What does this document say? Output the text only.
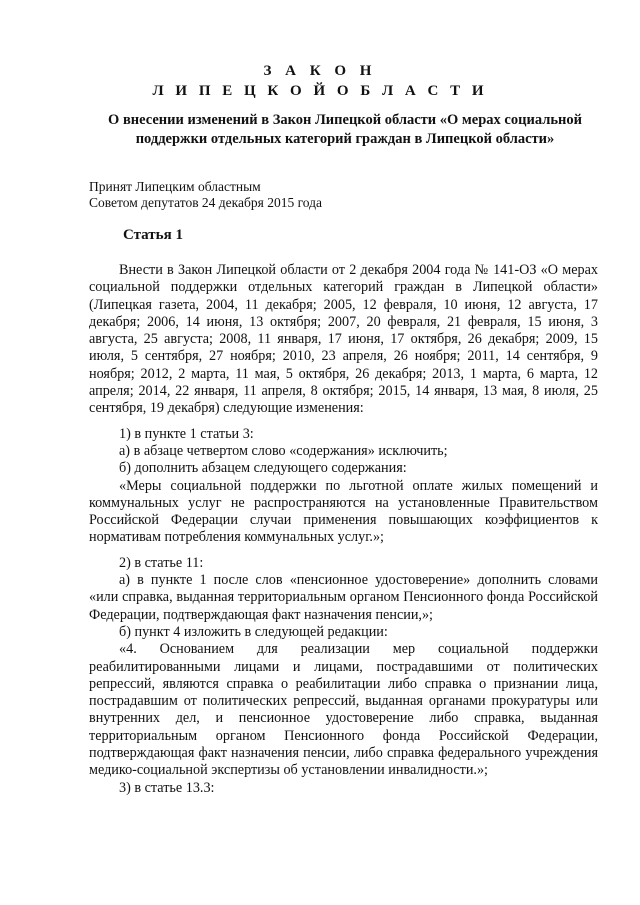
З А К О Н
Л И П Е Ц К О Й О Б Л А С Т И
О внесении изменений в Закон Липецкой области «О мерах социальной поддержки отдельных категорий граждан в Липецкой области»
Принят Липецким областным
Советом депутатов 24 декабря 2015 года
Статья 1

Внести в Закон Липецкой области от 2 декабря 2004 года № 141-ОЗ «О мерах социальной поддержки отдельных категорий граждан в Липецкой области» (Липецкая газета, 2004, 11 декабря; 2005, 12 февраля, 10 июня, 12 августа, 17 декабря; 2006, 14 июня, 13 октября; 2007, 20 февраля, 21 февраля, 15 июня, 3 августа, 25 августа; 2008, 11 января, 17 июня, 17 октября, 26 декабря; 2009, 15 июля, 5 сентября, 27 ноября; 2010, 23 апреля, 26 ноября; 2011, 14 сентября, 9 ноября; 2012, 2 марта, 11 мая, 5 октября, 26 декабря; 2013, 1 марта, 6 марта, 12 апреля; 2014, 22 января, 11 апреля, 8 октября; 2015, 14 января, 13 мая, 8 июля, 25 сентября, 19 декабря) следующие изменения:

1) в пункте 1 статьи 3:

а) в абзаце четвертом слово «содержания» исключить;

б) дополнить абзацем следующего содержания:

«Меры социальной поддержки по льготной оплате жилых помещений и коммунальных услуг не распространяются на установленные Правительством Российской Федерации случаи применения повышающих коэффициентов к нормативам потребления коммунальных услуг.»;

2) в статье 11:

а) в пункте 1 после слов «пенсионное удостоверение» дополнить словами «или справка, выданная территориальным органом Пенсионного фонда Российской Федерации, подтверждающая факт назначения пенсии,»;

б) пункт 4 изложить в следующей редакции:

«4. Основанием для реализации мер социальной поддержки реабилитированными лицами и лицами, пострадавшими от политических репрессий, являются справка о реабилитации либо справка о признании лица, пострадавшим от политических репрессий, выданная органами прокуратуры или внутренних дел, и пенсионное удостоверение либо справка, выданная территориальным органом Пенсионного фонда Российской Федерации, подтверждающая факт назначения пенсии, либо справка федерального учреждения медико-социальной экспертизы об установлении инвалидности.»;

3) в статье 13.3:
